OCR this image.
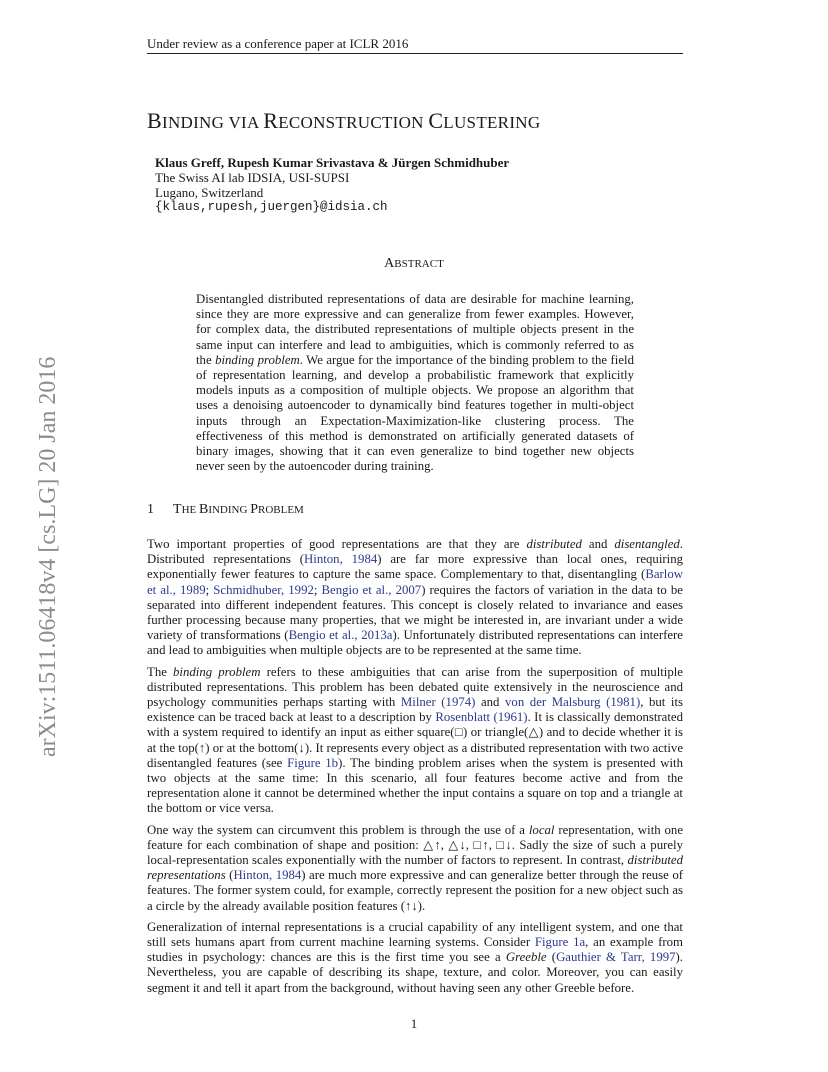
Under review as a conference paper at ICLR 2016
arXiv:1511.06418v4 [cs.LG] 20 Jan 2016
BINDING VIA RECONSTRUCTION CLUSTERING
Klaus Greff, Rupesh Kumar Srivastava & Jürgen Schmidhuber
The Swiss AI lab IDSIA, USI-SUPSI
Lugano, Switzerland
{klaus,rupesh,juergen}@idsia.ch
ABSTRACT
Disentangled distributed representations of data are desirable for machine learning, since they are more expressive and can generalize from fewer examples. However, for complex data, the distributed representations of multiple objects present in the same input can interfere and lead to ambiguities, which is commonly referred to as the binding problem. We argue for the importance of the binding problem to the field of representation learning, and develop a probabilistic framework that explicitly models inputs as a composition of multiple objects. We propose an algorithm that uses a denoising autoencoder to dynamically bind features together in multi-object inputs through an Expectation-Maximization-like clustering process. The effectiveness of this method is demonstrated on artificially generated datasets of binary images, showing that it can even generalize to bind together new objects never seen by the autoencoder during training.
1 THE BINDING PROBLEM

Two important properties of good representations are that they are distributed and disentangled. Distributed representations (Hinton, 1984) are far more expressive than local ones, requiring exponentially fewer features to capture the same space. Complementary to that, disentangling (Barlow et al., 1989; Schmidhuber, 1992; Bengio et al., 2007) requires the factors of variation in the data to be separated into different independent features. This concept is closely related to invariance and eases further processing because many properties, that we might be interested in, are invariant under a wide variety of transformations (Bengio et al., 2013a). Unfortunately distributed representations can interfere and lead to ambiguities when multiple objects are to be represented at the same time.

The binding problem refers to these ambiguities that can arise from the superposition of multiple distributed representations. This problem has been debated quite extensively in the neuroscience and psychology communities perhaps starting with Milner (1974) and von der Malsburg (1981), but its existence can be traced back at least to a description by Rosenblatt (1961). It is classically demonstrated with a system required to identify an input as either square(□) or triangle(△) and to decide whether it is at the top(↑) or at the bottom(↓). It represents every object as a distributed representation with two active disentangled features (see Figure 1b). The binding problem arises when the system is presented with two objects at the same time: In this scenario, all four features become active and from the representation alone it cannot be determined whether the input contains a square on top and a triangle at the bottom or vice versa.

One way the system can circumvent this problem is through the use of a local representation, with one feature for each combination of shape and position: △↑, △↓, □↑, □↓. Sadly the size of such a purely local-representation scales exponentially with the number of factors to represent. In contrast, distributed representations (Hinton, 1984) are much more expressive and can generalize better through the reuse of features. The former system could, for example, correctly represent the position for a new object such as a circle by the already available position features (↑↓).

Generalization of internal representations is a crucial capability of any intelligent system, and one that still sets humans apart from current machine learning systems. Consider Figure 1a, an example from studies in psychology: chances are this is the first time you see a Greeble (Gauthier & Tarr, 1997). Nevertheless, you are capable of describing its shape, texture, and color. Moreover, you can easily segment it and tell it apart from the background, without having seen any other Greeble before.

1
